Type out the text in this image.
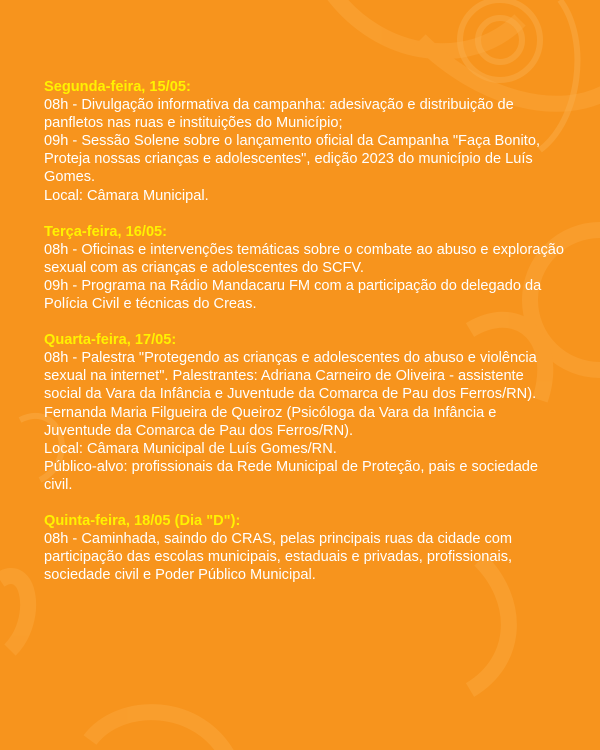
Segunda-feira, 15/05:
08h - Divulgação informativa da campanha: adesivação e distribuição de panfletos nas ruas e instituições do Município;
09h - Sessão Solene sobre o lançamento oficial da Campanha "Faça Bonito, Proteja nossas crianças e adolescentes", edição 2023 do município de Luís Gomes.
Local: Câmara Municipal.
Terça-feira, 16/05:
08h - Oficinas e intervenções temáticas sobre o combate ao abuso e exploração sexual com as crianças e adolescentes do SCFV.
09h - Programa na Rádio Mandacaru FM com a participação do delegado da Polícia Civil e técnicas do Creas.
Quarta-feira, 17/05:
08h - Palestra "Protegendo as crianças e adolescentes do abuso e violência sexual na internet". Palestrantes: Adriana Carneiro de Oliveira - assistente social da Vara da Infância e Juventude da Comarca de Pau dos Ferros/RN). Fernanda Maria Filgueira de Queiroz (Psicóloga da Vara da Infância e Juventude da Comarca de Pau dos Ferros/RN).
Local: Câmara Municipal de Luís Gomes/RN.
Público-alvo: profissionais da Rede Municipal de Proteção, pais e sociedade civil.
Quinta-feira, 18/05 (Dia "D"):
08h - Caminhada, saindo do CRAS, pelas principais ruas da cidade com participação das escolas municipais, estaduais e privadas, profissionais, sociedade civil e Poder Público Municipal.
